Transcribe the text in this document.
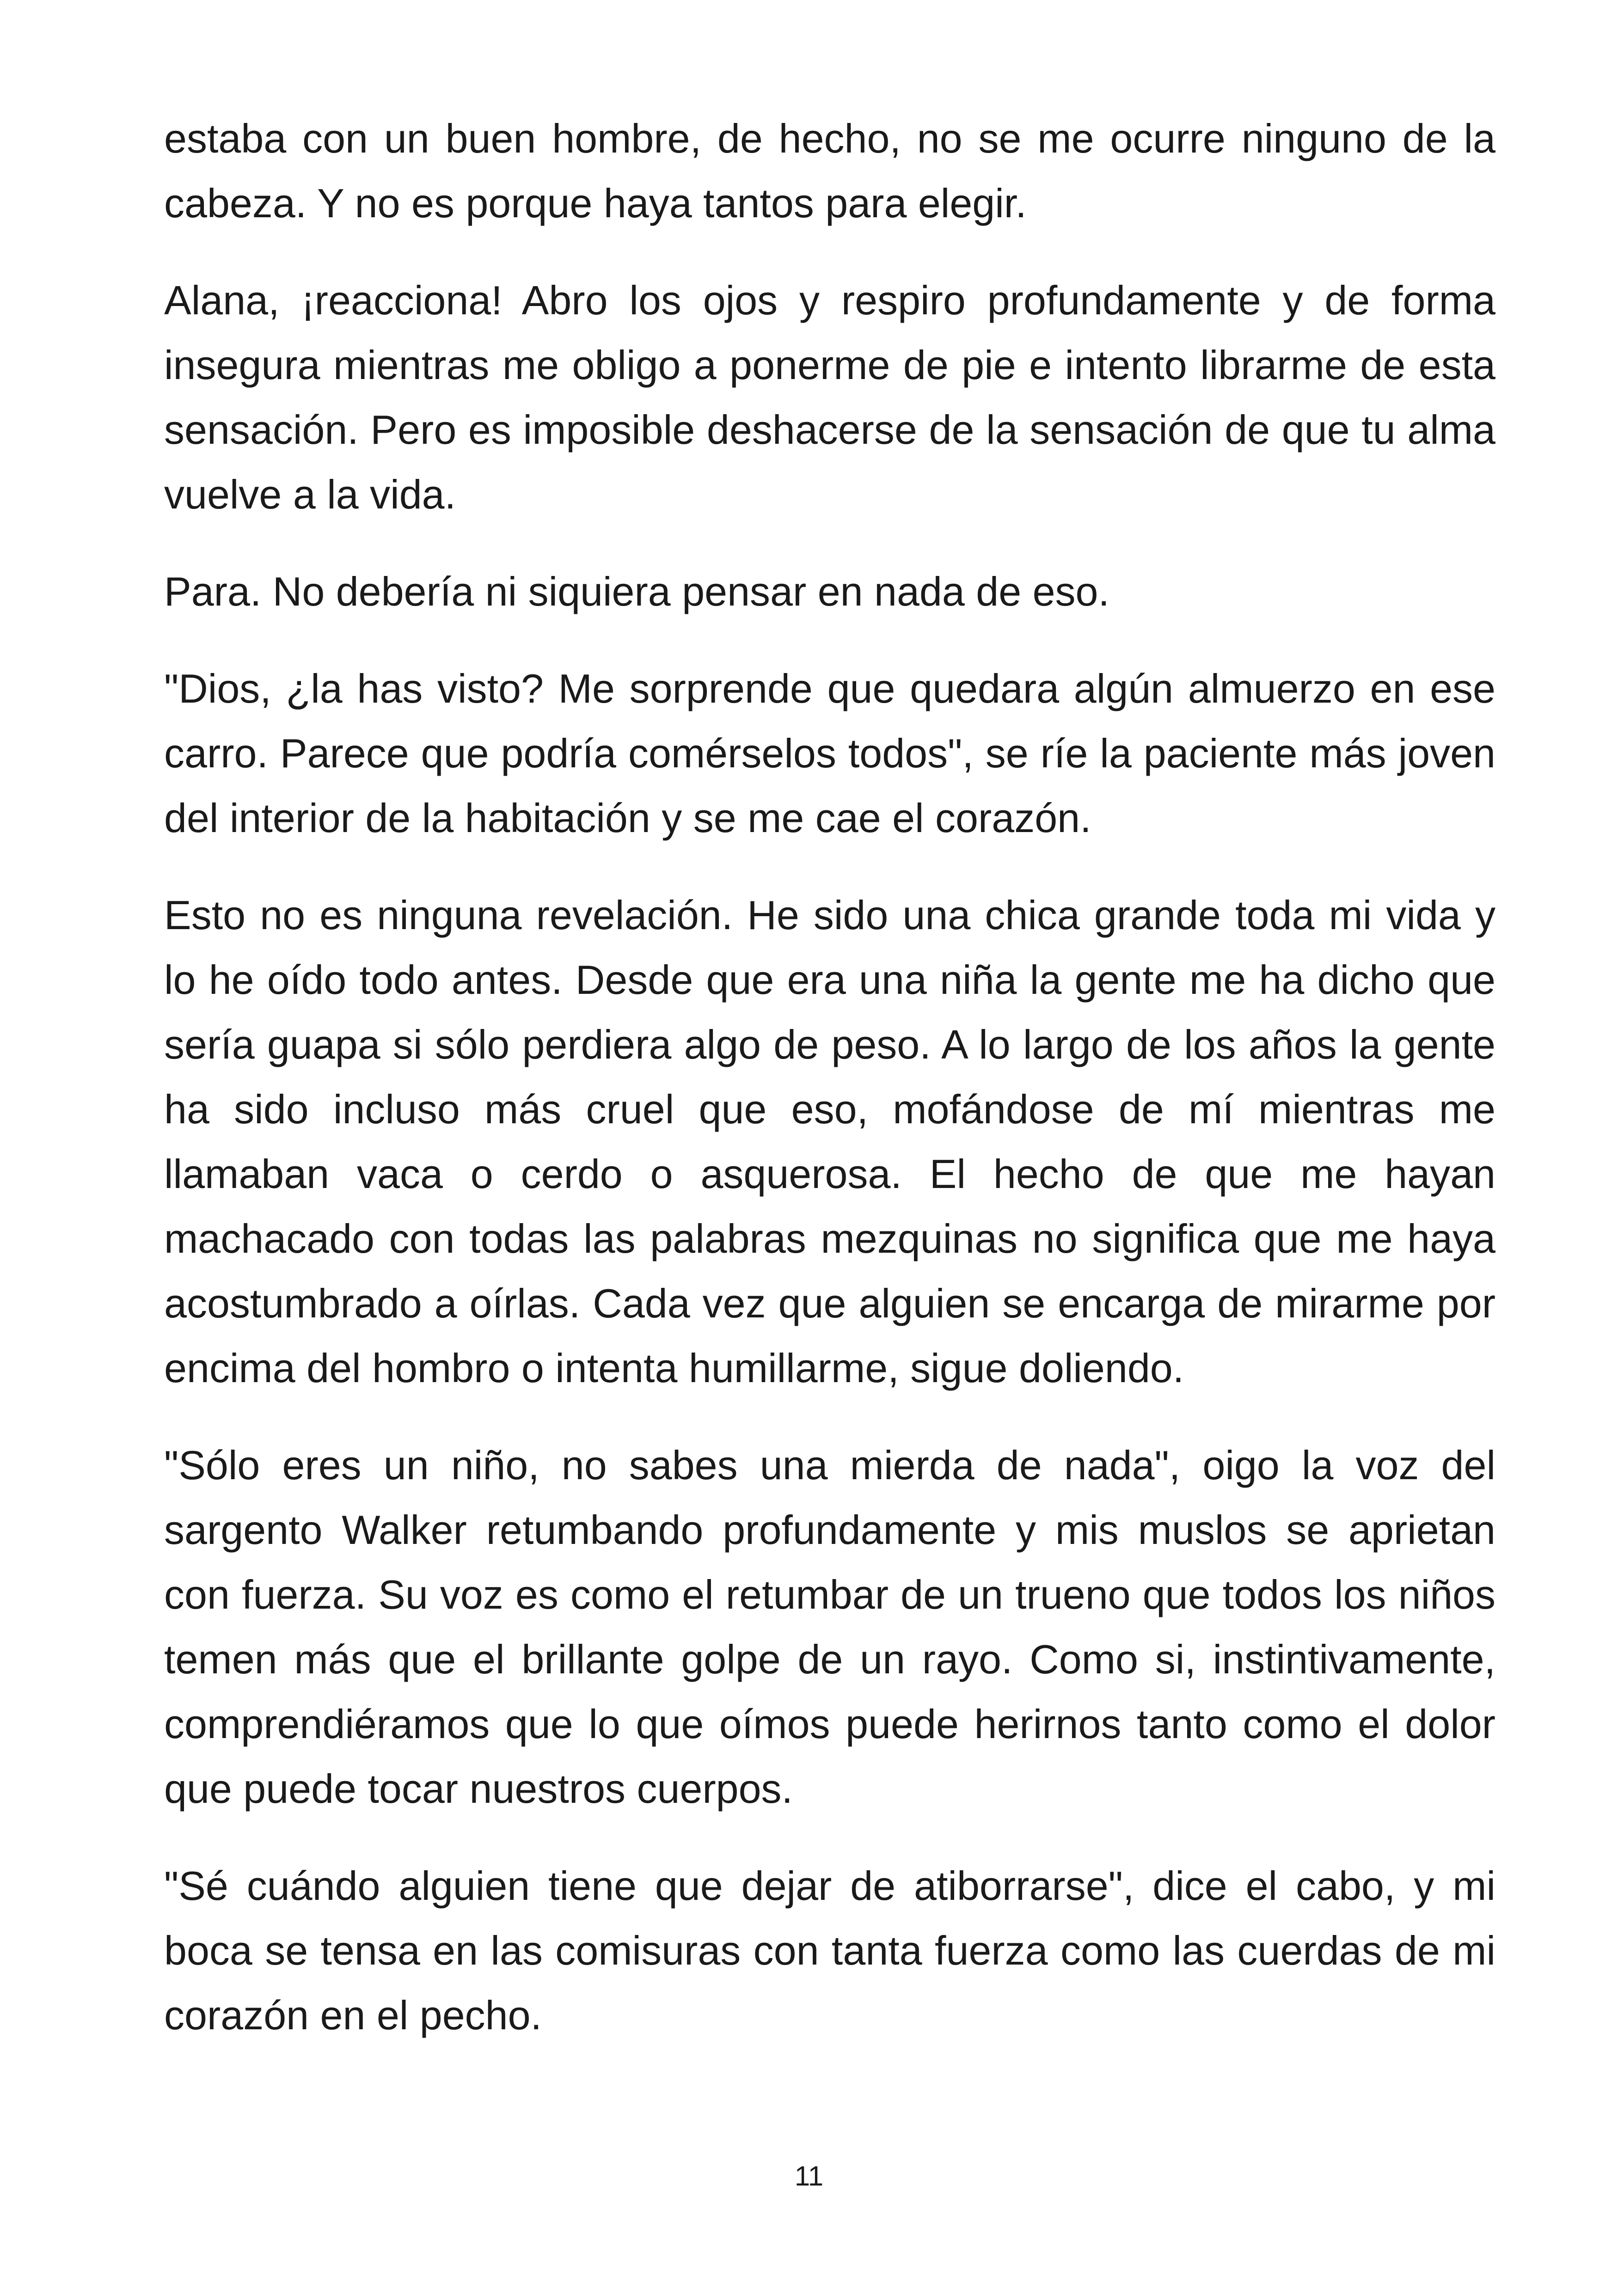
estaba con un buen hombre, de hecho, no se me ocurre ninguno de la cabeza. Y no es porque haya tantos para elegir.

Alana, ¡reacciona! Abro los ojos y respiro profundamente y de forma insegura mientras me obligo a ponerme de pie e intento librarme de esta sensación. Pero es imposible deshacerse de la sensación de que tu alma vuelve a la vida.

Para. No debería ni siquiera pensar en nada de eso.

"Dios, ¿la has visto? Me sorprende que quedara algún almuerzo en ese carro. Parece que podría comérselos todos", se ríe la paciente más joven del interior de la habitación y se me cae el corazón.

Esto no es ninguna revelación. He sido una chica grande toda mi vida y lo he oído todo antes. Desde que era una niña la gente me ha dicho que sería guapa si sólo perdiera algo de peso. A lo largo de los años la gente ha sido incluso más cruel que eso, mofándose de mí mientras me llamaban vaca o cerdo o asquerosa. El hecho de que me hayan machacado con todas las palabras mezquinas no significa que me haya acostumbrado a oírlas. Cada vez que alguien se encarga de mirarme por encima del hombro o intenta humillarme, sigue doliendo.

"Sólo eres un niño, no sabes una mierda de nada", oigo la voz del sargento Walker retumbando profundamente y mis muslos se aprietan con fuerza. Su voz es como el retumbar de un trueno que todos los niños temen más que el brillante golpe de un rayo. Como si, instintivamente, comprendiéramos que lo que oímos puede herirnos tanto como el dolor que puede tocar nuestros cuerpos.

"Sé cuándo alguien tiene que dejar de atiborrarse", dice el cabo, y mi boca se tensa en las comisuras con tanta fuerza como las cuerdas de mi corazón en el pecho.

11
